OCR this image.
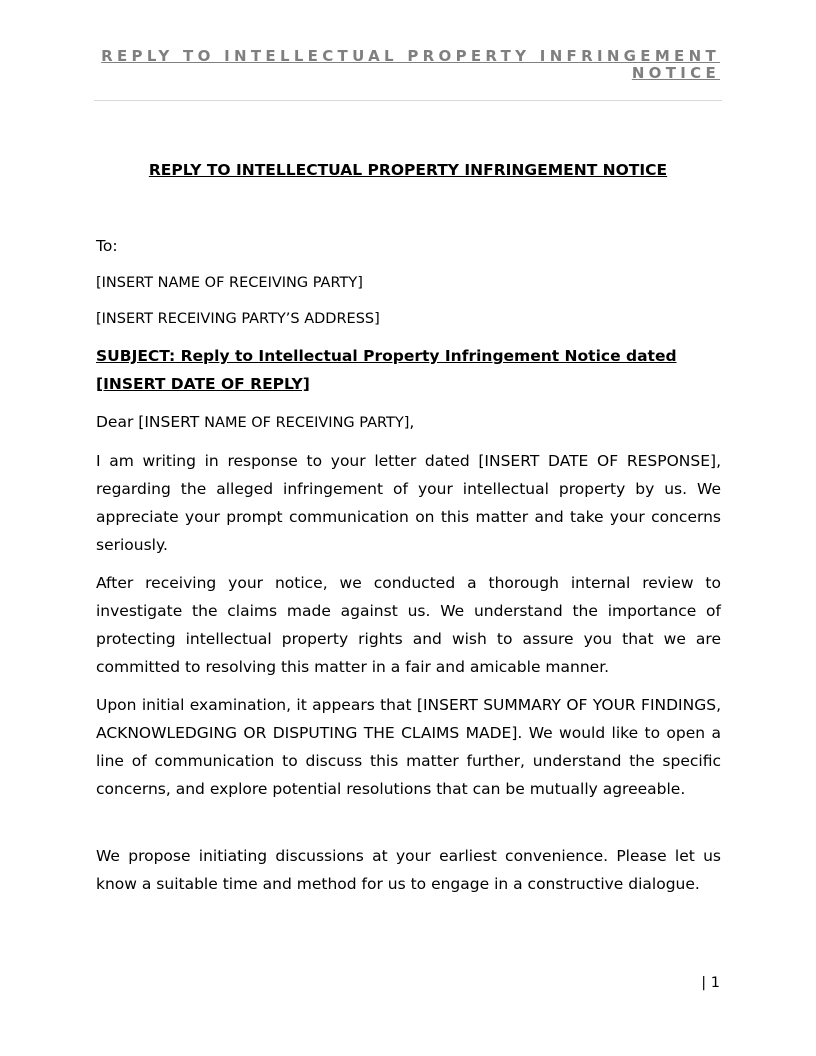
REPLY TO INTELLECTUAL PROPERTY INFRINGEMENT NOTICE
REPLY TO INTELLECTUAL PROPERTY INFRINGEMENT NOTICE
To:
[INSERT NAME OF RECEIVING PARTY]
[INSERT RECEIVING PARTY’S ADDRESS]
SUBJECT: Reply to Intellectual Property Infringement Notice dated [INSERT DATE OF REPLY]
Dear [INSERT NAME OF RECEIVING PARTY],

I am writing in response to your letter dated [INSERT DATE OF RESPONSE], regarding the alleged infringement of your intellectual property by us. We appreciate your prompt communication on this matter and take your concerns seriously.

After receiving your notice, we conducted a thorough internal review to investigate the claims made against us. We understand the importance of protecting intellectual property rights and wish to assure you that we are committed to resolving this matter in a fair and amicable manner.

Upon initial examination, it appears that [INSERT SUMMARY OF YOUR FINDINGS, ACKNOWLEDGING OR DISPUTING THE CLAIMS MADE]. We would like to open a line of communication to discuss this matter further, understand the specific concerns, and explore potential resolutions that can be mutually agreeable.

We propose initiating discussions at your earliest convenience. Please let us know a suitable time and method for us to engage in a constructive dialogue.

| 1
